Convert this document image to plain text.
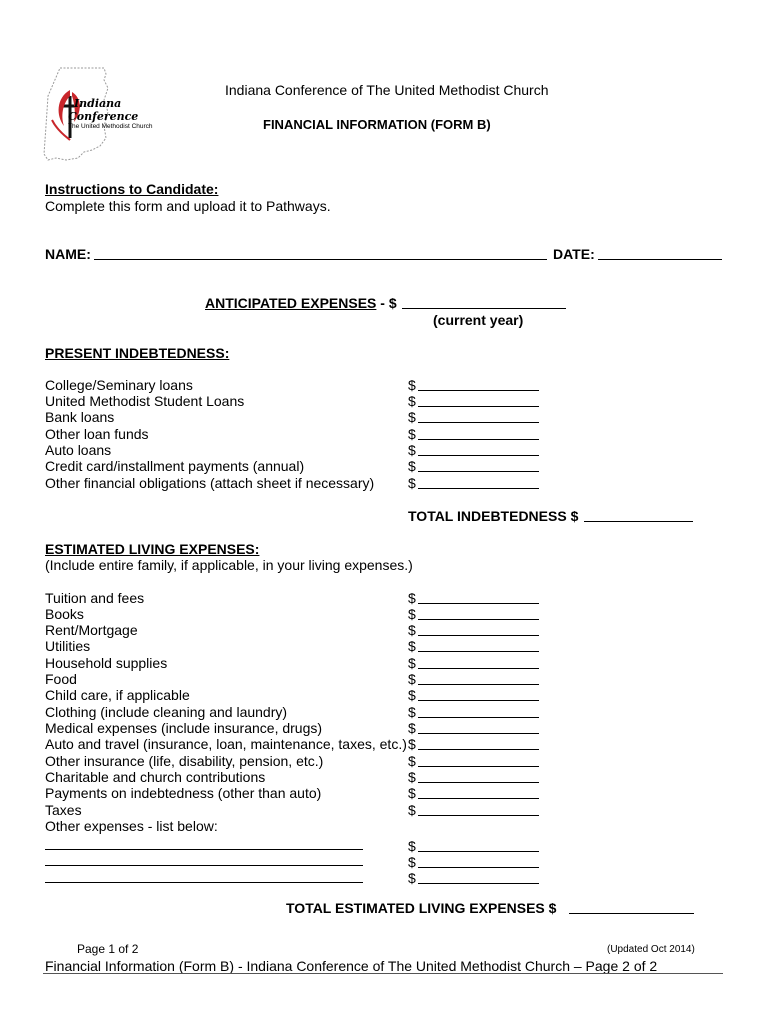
Indiana
Conference
The United Methodist Church
Indiana Conference of The United Methodist Church
FINANCIAL INFORMATION (FORM B)
Instructions to Candidate:
Complete this form and upload it to Pathways.
NAME:	DATE:
ANTICIPATED EXPENSES - $
(current year)
PRESENT INDEBTEDNESS:
College/Seminary loans	$
United Methodist Student Loans	$
Bank loans	$
Other loan funds	$
Auto loans	$
Credit card/installment payments (annual)	$
Other financial obligations (attach sheet if necessary) $
TOTAL INDEBTEDNESS $
ESTIMATED LIVING EXPENSES:
(Include entire family, if applicable, in your living expenses.)
Tuition and fees	$
Books	$
Rent/Mortgage	$
Utilities	$
Household supplies	$
Food	$
Child care, if applicable	$
Clothing (include cleaning and laundry)	$
Medical expenses (include insurance, drugs)	$
Auto and travel (insurance, loan, maintenance, taxes, etc.) $
Other insurance (life, disability, pension, etc.)	$
Charitable and church contributions	$
Payments on indebtedness (other than auto)	$
Taxes	$
Other expenses - list below:
$
$
$
TOTAL ESTIMATED LIVING EXPENSES $
Page 1 of 2	(Updated Oct 2014)
Financial Information (Form B) - Indiana Conference of The United Methodist Church – Page 2 of 2
